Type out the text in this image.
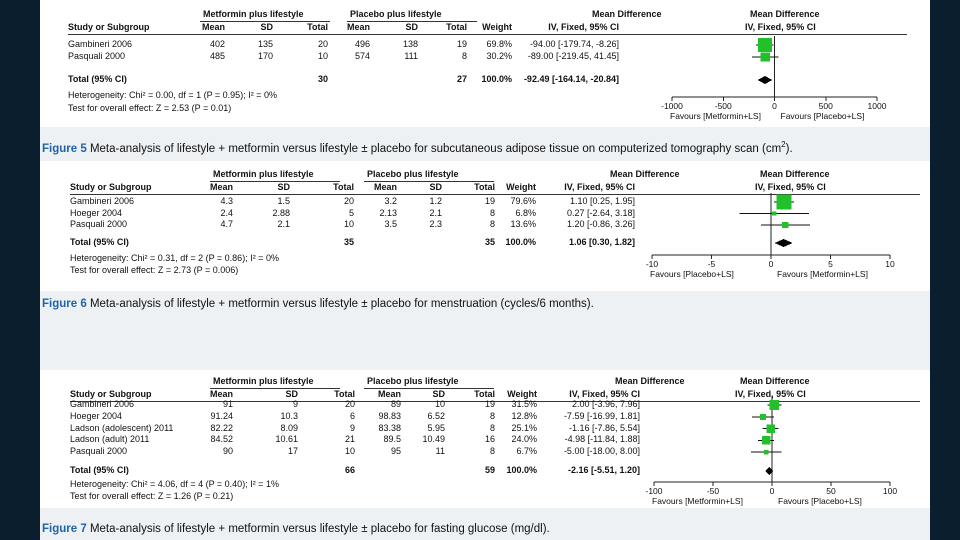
Metformin plus lifestyle	Placebo plus lifestyle	Mean Difference	Mean Difference
Study or Subgroup	Mean	SD	Total Mean	SD	Total Weight	IV, Fixed, 95% CI	IV, Fixed, 95% CI
Gambineri 2006	402	135	20	496	138	19 69.8% -94.00 [-179.74, -8.26]
Pasquali 2000	485	170	10	574	111	8 30.2% -89.00 [-219.45, 41.45]
Total (95% CI)	30	27 100.0% -92.49 [-164.14, -20.84]
Heterogeneity: Chi² = 0.00, df = 1 (P = 0.95); I² = 0%
Test for overall effect: Z = 2.53 (P = 0.01)	-1000	-500	0	500	1000
Favours [Metformin+LS] Favours [Placebo+LS]
Figure 5 Meta-analysis of lifestyle + metformin versus lifestyle ± placebo for subcutaneous adipose tissue on computerized tomography scan $(cm^2)$.
Metformin plus lifestyle	Placebo plus lifestyle	Mean Difference	Mean Difference
Study or Subgroup	Mean	SD	Total Mean	SD	Total Weight	IV, Fixed, 95% CI	IV, Fixed, 95% CI
Gambineri 2006	4.3	1.5	20	3.2	1.2	19 79.6%	1.10 [0.25, 1.95]
Hoeger 2004	2.4	2.88	5	2.13	2.1	8 6.8%	0.27 [-2.64, 3.18]
Pasquali 2000	4.7	2.1	10	3.5	2.3	8 13.6%	1.20 [-0.86, 3.26]
Total (95% CI)	35	35 100.0%	1.06 [0.30, 1.82]
Heterogeneity: Chi² = 0.31, df = 2 (P = 0.86); I² = 0%
Test for overall effect: Z = 2.73 (P = 0.006)
-10	-5	0	5	10
Favours [Placebo+LS]	Favours [Metformin+LS]
Figure 6 Meta-analysis of lifestyle + metformin versus lifestyle ± placebo for menstruation (cycles/6 months).
Metformin plus lifestyle	Placebo plus lifestyle	Mean Difference	Mean Difference
Study or Subgroup	Mean	SD	Total	Mean	SD	Total Weight	IV, Fixed, 95% CI	IV, Fixed, 95% CI
Gambineri 2006	91	9	20	89	10	19 31.5%	2.00 [-3.96, 7.96]
Hoeger 2004	91.24	10.3	6	98.83	6.52	8 12.8%	-7.59 [-16.99, 1.81]
Ladson (adolescent) 2011	82.22	8.09	9	83.38	5.95	8 25.1%	-1.16 [-7.86, 5.54]
Ladson (adult) 2011	84.52	10.61	21	89.5 10.49	16 24.0%	-4.98 [-11.84, 1.88]
Pasquali 2000	90	17	10	95	11	8 6.7%	-5.00 [-18.00, 8.00]
Total (95% CI)	66	59 100.0%	-2.16 [-5.51, 1.20]
Heterogeneity: Chi² = 4.06, df = 4 (P = 0.40); I² = 1%
Test for overall effect: Z = 1.26 (P = 0.21)	-100	-50	0	50	100
Favours [Metformin+LS]	Favours [Placebo+LS]
Figure 7 Meta-analysis of lifestyle + metformin versus lifestyle ± placebo for fasting glucose (mg/dl).
